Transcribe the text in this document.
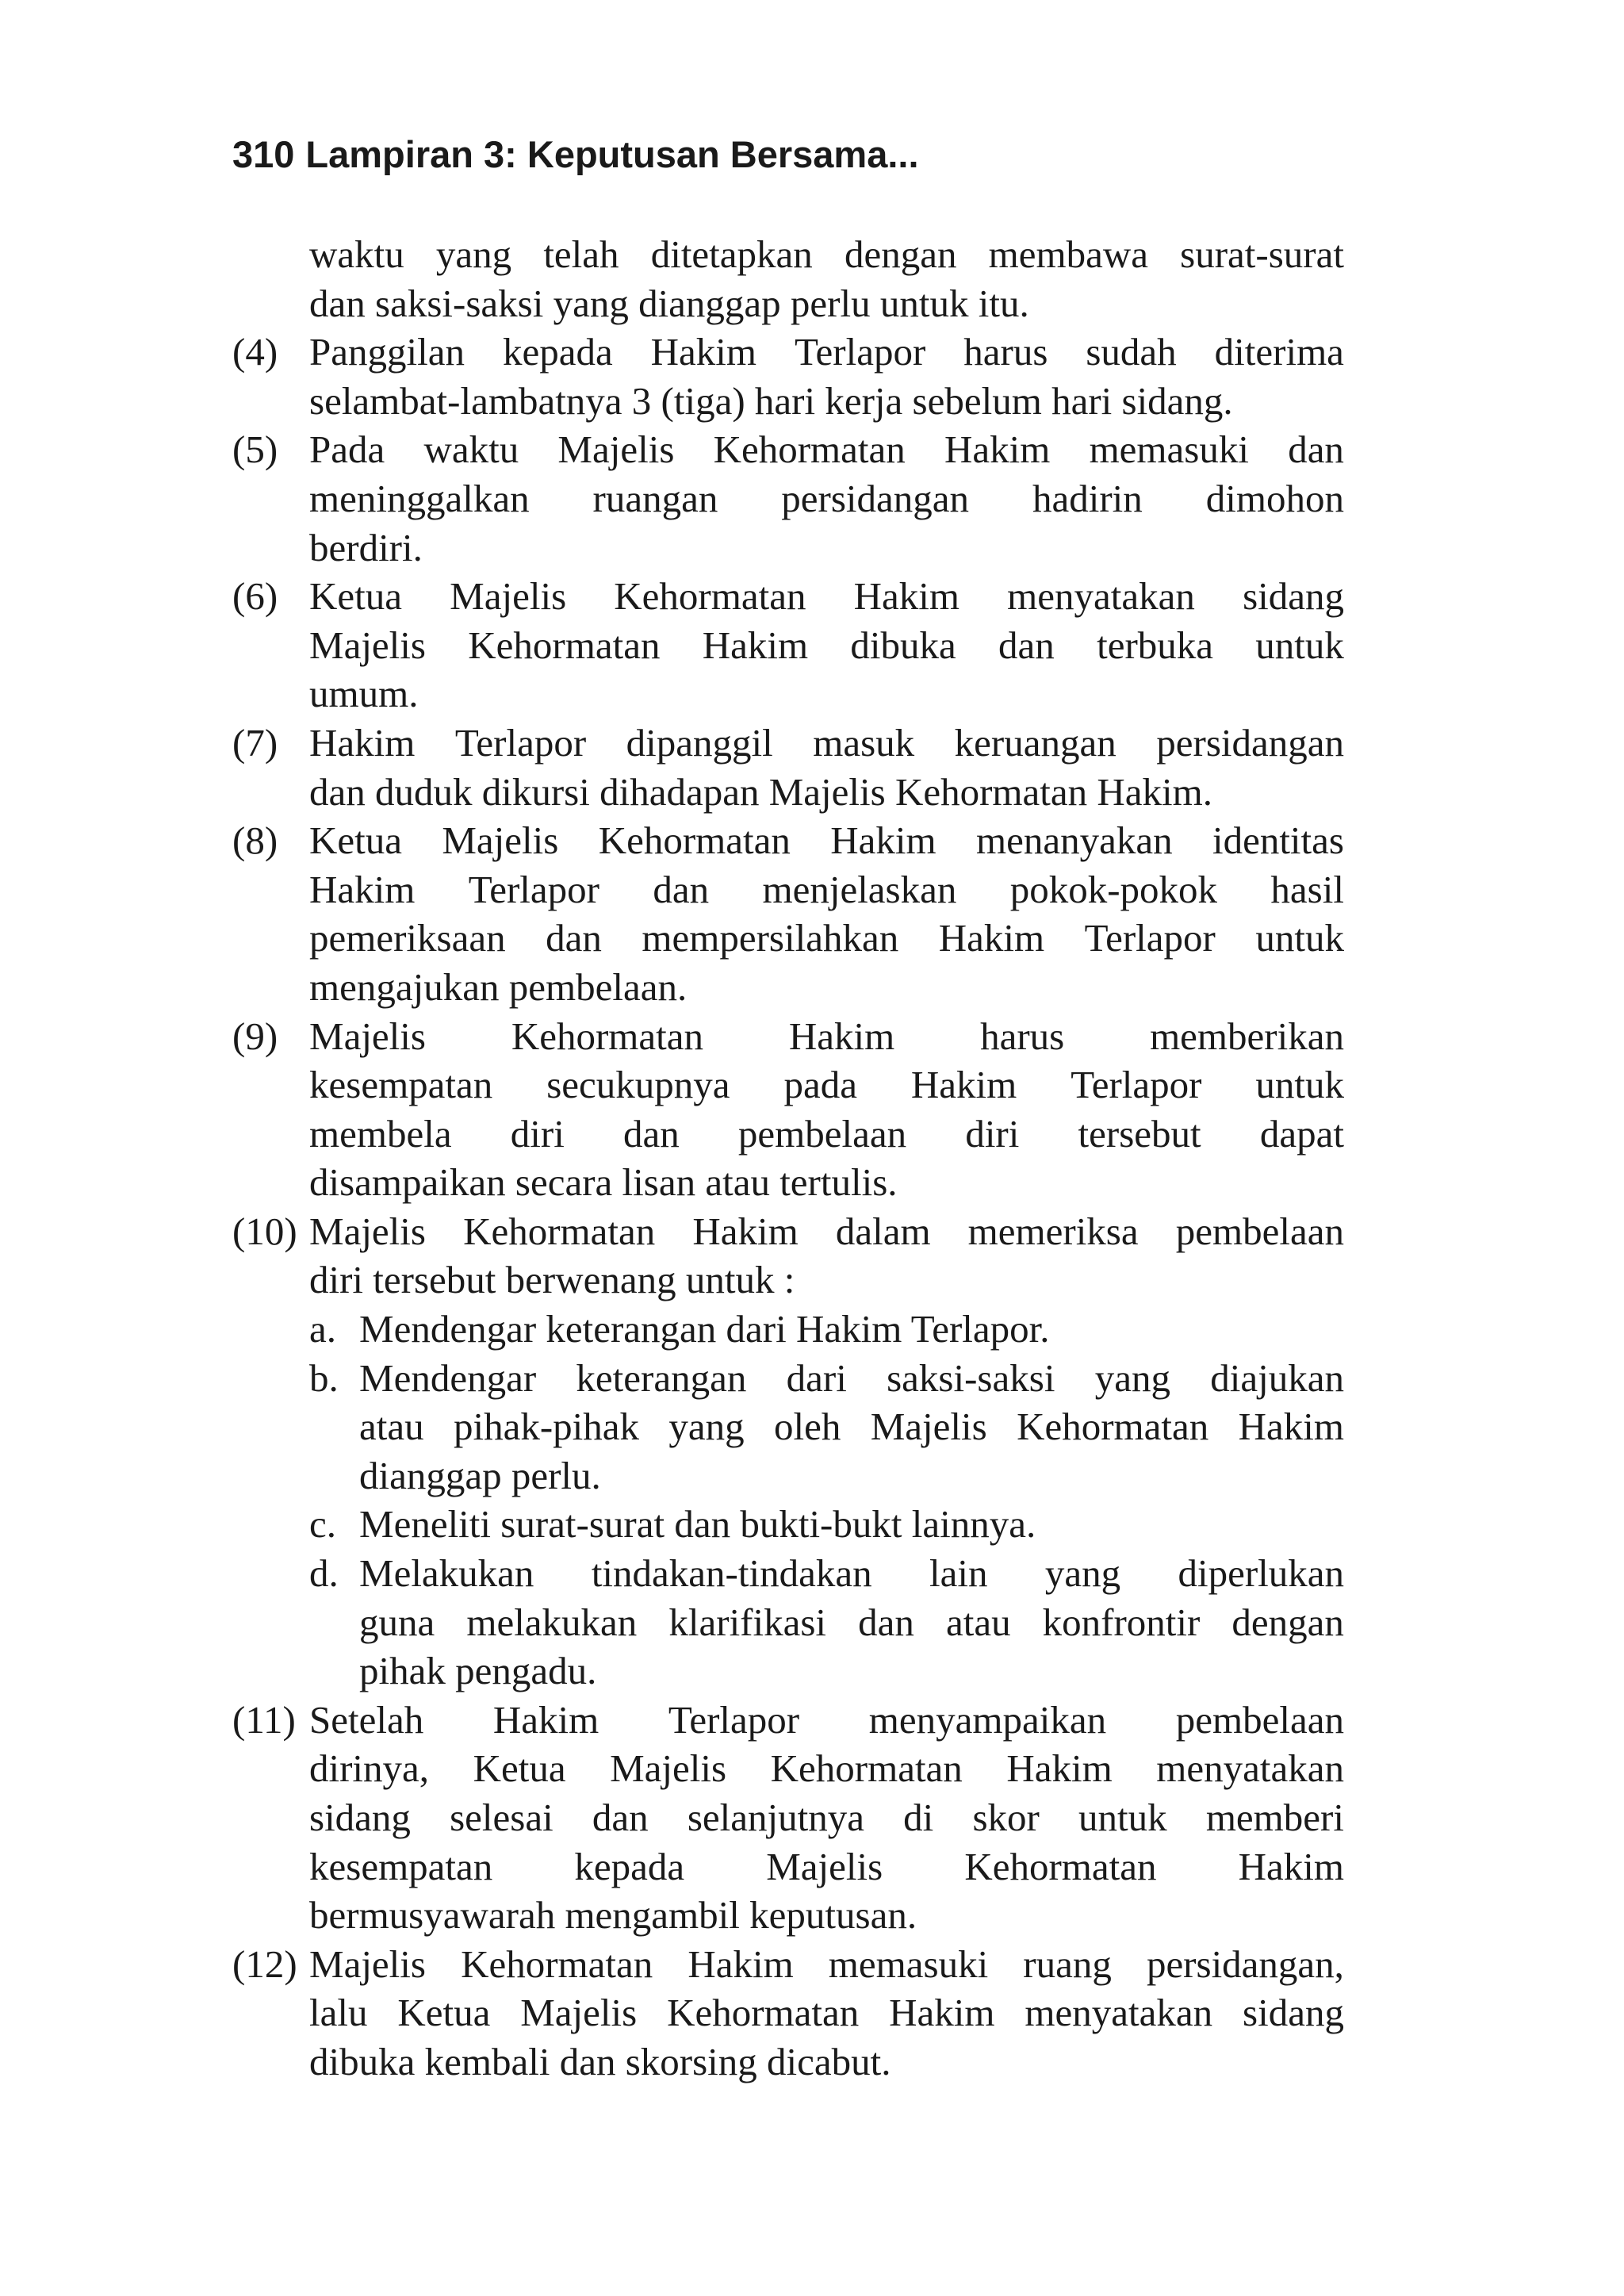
310 Lampiran 3: Keputusan Bersama...
waktu yang telah ditetapkan dengan membawa surat-surat
dan saksi-saksi yang dianggap perlu untuk itu.
Panggilan kepada Hakim Terlapor harus sudah diterima
(4)
selambat-lambatnya 3 (tiga) hari kerja sebelum hari sidang.
(5) Pada waktu Majelis Kehormatan Hakim memasuki dan
meninggalkan ruangan persidangan hadirin dimohon
berdiri.
(6) Ketua Majelis Kehormatan Hakim menyatakan sidang
Majelis Kehormatan Hakim dibuka dan terbuka untuk
umum.
(7) Hakim Terlapor dipanggil masuk keruangan persidangan
dan duduk dikursi dihadapan Majelis Kehormatan Hakim.
(8) Ketua Majelis Kehormatan Hakim menanyakan identitas
Hakim Terlapor dan menjelaskan pokok-pokok hasil
pemeriksaan dan mempersilahkan Hakim Terlapor untuk
mengajukan pembelaan.
(9) Majelis Kehormatan Hakim harus memberikan
kesempatan secukupnya pada Hakim Terlapor untuk
membela diri dan pembelaan diri tersebut dapat
disampaikan secara lisan atau tertulis.
(10) Majelis Kehormatan Hakim dalam memeriksa pembelaan
diri tersebut berwenang untuk :
a. Mendengar keterangan dari Hakim Terlapor.
b. Mendengar keterangan dari saksi-saksi yang diajukan
atau pihak-pihak yang oleh Majelis Kehormatan Hakim
dianggap perlu.
c. Meneliti surat-surat dan bukti-bukt lainnya.
d. Melakukan tindakan-tindakan lain yang diperlukan
guna melakukan klarifikasi dan atau konfrontir dengan
pihak pengadu.
(11) Setelah Hakim Terlapor menyampaikan pembelaan
dirinya, Ketua Majelis Kehormatan Hakim menyatakan
sidang selesai dan selanjutnya di skor untuk memberi
kesempatan kepada Majelis Kehormatan Hakim
bermusyawarah mengambil keputusan.
(12) Majelis Kehormatan Hakim memasuki ruang persidangan,
lalu Ketua Majelis Kehormatan Hakim menyatakan sidang
dibuka kembali dan skorsing dicabut.
